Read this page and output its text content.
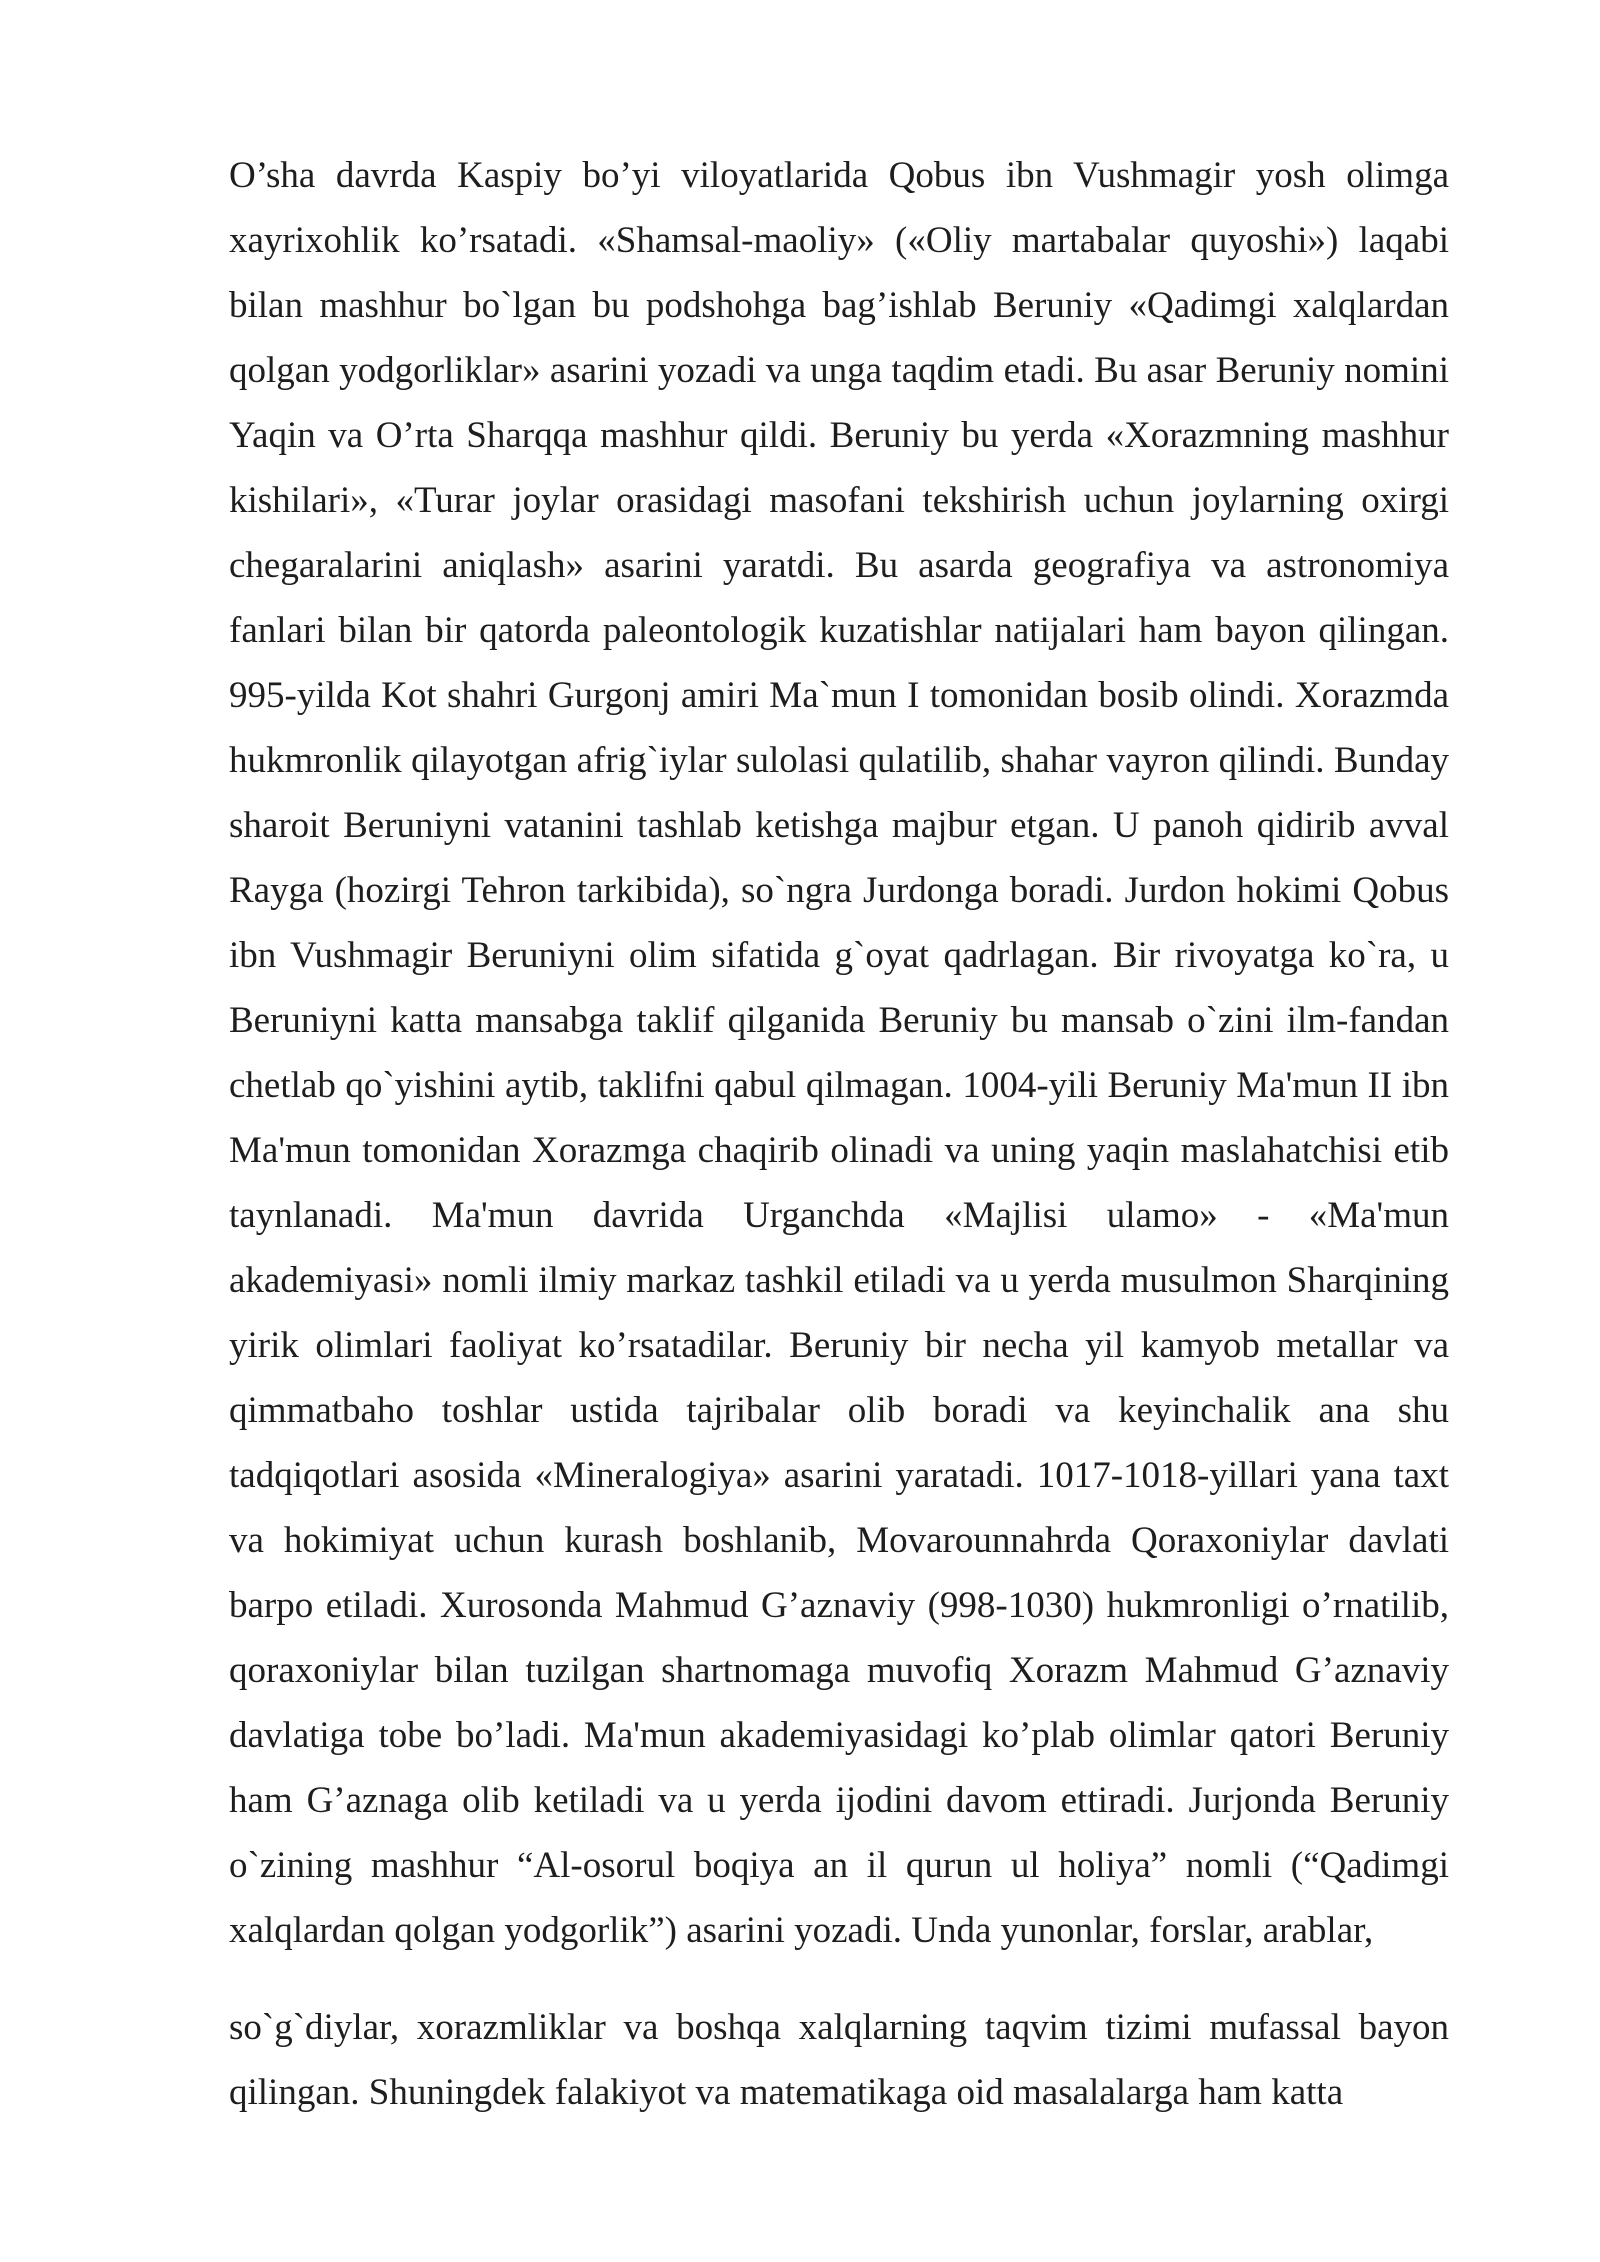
O’sha davrda Kaspiy bo’yi viloyatlarida Qobus ibn Vushmagir yosh olimga xayrixohlik ko’rsatadi. «Shamsal-maoliy» («Oliy martabalar quyoshi») laqabi bilan mashhur bo`lgan bu podshohga bag’ishlab Beruniy «Qadimgi xalqlardan qolgan yodgorliklar» asarini yozadi va unga taqdim etadi. Bu asar Beruniy nomini Yaqin va O’rta Sharqqa mashhur qildi. Beruniy bu yerda «Xorazmning mashhur kishilari», «Turar joylar orasidagi masofani tekshirish uchun joylarning oxirgi chegaralarini aniqlash» asarini yaratdi. Bu asarda geografiya va astronomiya fanlari bilan bir qatorda paleontologik kuzatishlar natijalari ham bayon qilingan. 995-yilda Kot shahri Gurgonj amiri Ma`mun I tomonidan bosib olindi. Xorazmda hukmronlik qilayotgan afrig`iylar sulolasi qulatilib, shahar vayron qilindi. Bunday sharoit Beruniyni vatanini tashlab ketishga majbur etgan. U panoh qidirib avval Rayga (hozirgi Tehron tarkibida), so`ngra Jurdonga boradi. Jurdon hokimi Qobus ibn Vushmagir Beruniyni olim sifatida g`oyat qadrlagan. Bir rivoyatga ko`ra, u Beruniyni katta mansabga taklif qilganida Beruniy bu mansab o`zini ilm-fandan chetlab qo`yishini aytib, taklifni qabul qilmagan. 1004-yili Beruniy Ma'mun II ibn Ma'mun tomonidan Xorazmga chaqirib olinadi va uning yaqin maslahatchisi etib taynlanadi. Ma'mun davrida Urganchda «Majlisi ulamo» - «Ma'mun akademiyasi» nomli ilmiy markaz tashkil etiladi va u yerda musulmon Sharqining yirik olimlari faoliyat ko’rsatadilar. Beruniy bir necha yil kamyob metallar va qimmatbaho toshlar ustida tajribalar olib boradi va keyinchalik ana shu tadqiqotlari asosida «Mineralogiya» asarini yaratadi. 1017-1018-yillari yana taxt va hokimiyat uchun kurash boshlanib, Movarounnahrda Qoraxoniylar davlati barpo etiladi. Xurosonda Mahmud G’aznaviy (998-1030) hukmronligi o’rnatilib, qoraxoniylar bilan tuzilgan shartnomaga muvofiq Xorazm Mahmud G’aznaviy davlatiga tobe bo’ladi. Ma'mun akademiyasidagi ko’plab olimlar qatori Beruniy ham G’aznaga olib ketiladi va u yerda ijodini davom ettiradi. Jurjonda Beruniy o`zining mashhur “Al-osorul boqiya an il qurun ul holiya” nomli (“Qadimgi xalqlardan qolgan yodgorlik”) asarini yozadi. Unda yunonlar, forslar, arablar,

so`g`diylar, xorazmliklar va boshqa xalqlarning taqvim tizimi mufassal bayon qilingan. Shuningdek falakiyot va matematikaga oid masalalarga ham katta
